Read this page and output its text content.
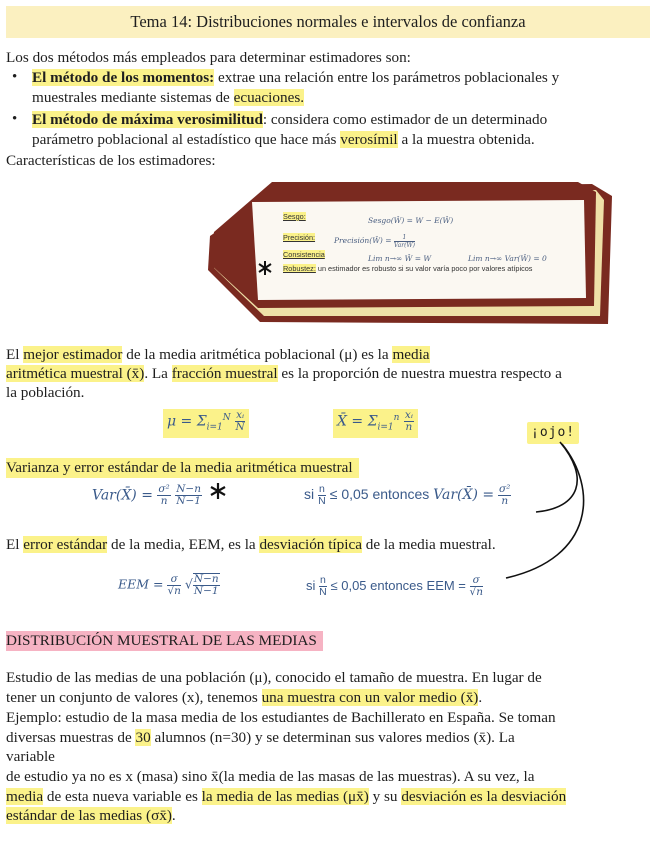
Tema 14: Distribuciones normales e intervalos de confianza
Los dos métodos más empleados para determinar estimadores son:
• El método de los momentos: extrae una relación entre los parámetros poblacionales y
muestrales mediante sistemas de ecuaciones.
• El método de máxima verosimilitud: considera como estimador de un determinado
parámetro poblacional al estadístico que hace más verosímil a la muestra obtenida.
Características de los estimadores:
Sesgo:	Sesgo(Ŵ) = W − E(Ŵ)
Precisión:	Precisión(Ŵ) =	1
Var(Ŵ)
Consistencia	Lim n→∞ Ŵ = W	Lim n→∞ Var(Ŵ) = 0
Robustez: un estimador es robusto si su valor varía poco por valores atípicos
El mejor estimador de la media aritmética poblacional (μ) es la media
aritmética muestral (x̄). La fracción muestral es la proporción de nuestra muestra respecto a
la población.
$\mu = \Sigma_{i=1}^N \frac{\text{xᵢ}}{N}$	X̄ = $\Sigma_{i=1}^n \frac{\text{xᵢ}}{n}$	¡ojo!
Varianza y error estándar de la media aritmética muestral
Var(X̄) = $\frac{\text{σ²}}{n}$
$\frac{N-n}{N-1}$	si $\frac{n}{N} \le 0,05$ entonces Var(X̄) = $\frac{\text{σ²}}{n}$
El error estándar de la media, EEM, es la desviación típica de la media muestral.
EEM = $\frac{\sigma}{√n}$ √ $\frac{N-n}{N-1}$	si $\frac{n}{N} \le 0,05$ entonces EEM = $\frac{\sigma}{√n}$
DISTRIBUCIÓN MUESTRAL DE LAS MEDIAS
Estudio de las medias de una población (μ), conocido el tamaño de muestra. En lugar de
tener un conjunto de valores (x), tenemos una muestra con un valor medio (x̄).
Ejemplo: estudio de la masa media de los estudiantes de Bachillerato en España. Se toman
diversas muestras de 30 alumnos (n=30) y se determinan sus valores medios (x̄). La
variable
de estudio ya no es x (masa) sino x̄(la media de las masas de las muestras). A su vez, la
media de esta nueva variable es la media de las medias (μx̄) y su desviación es la desviación
estándar de las medias (σx̄).
